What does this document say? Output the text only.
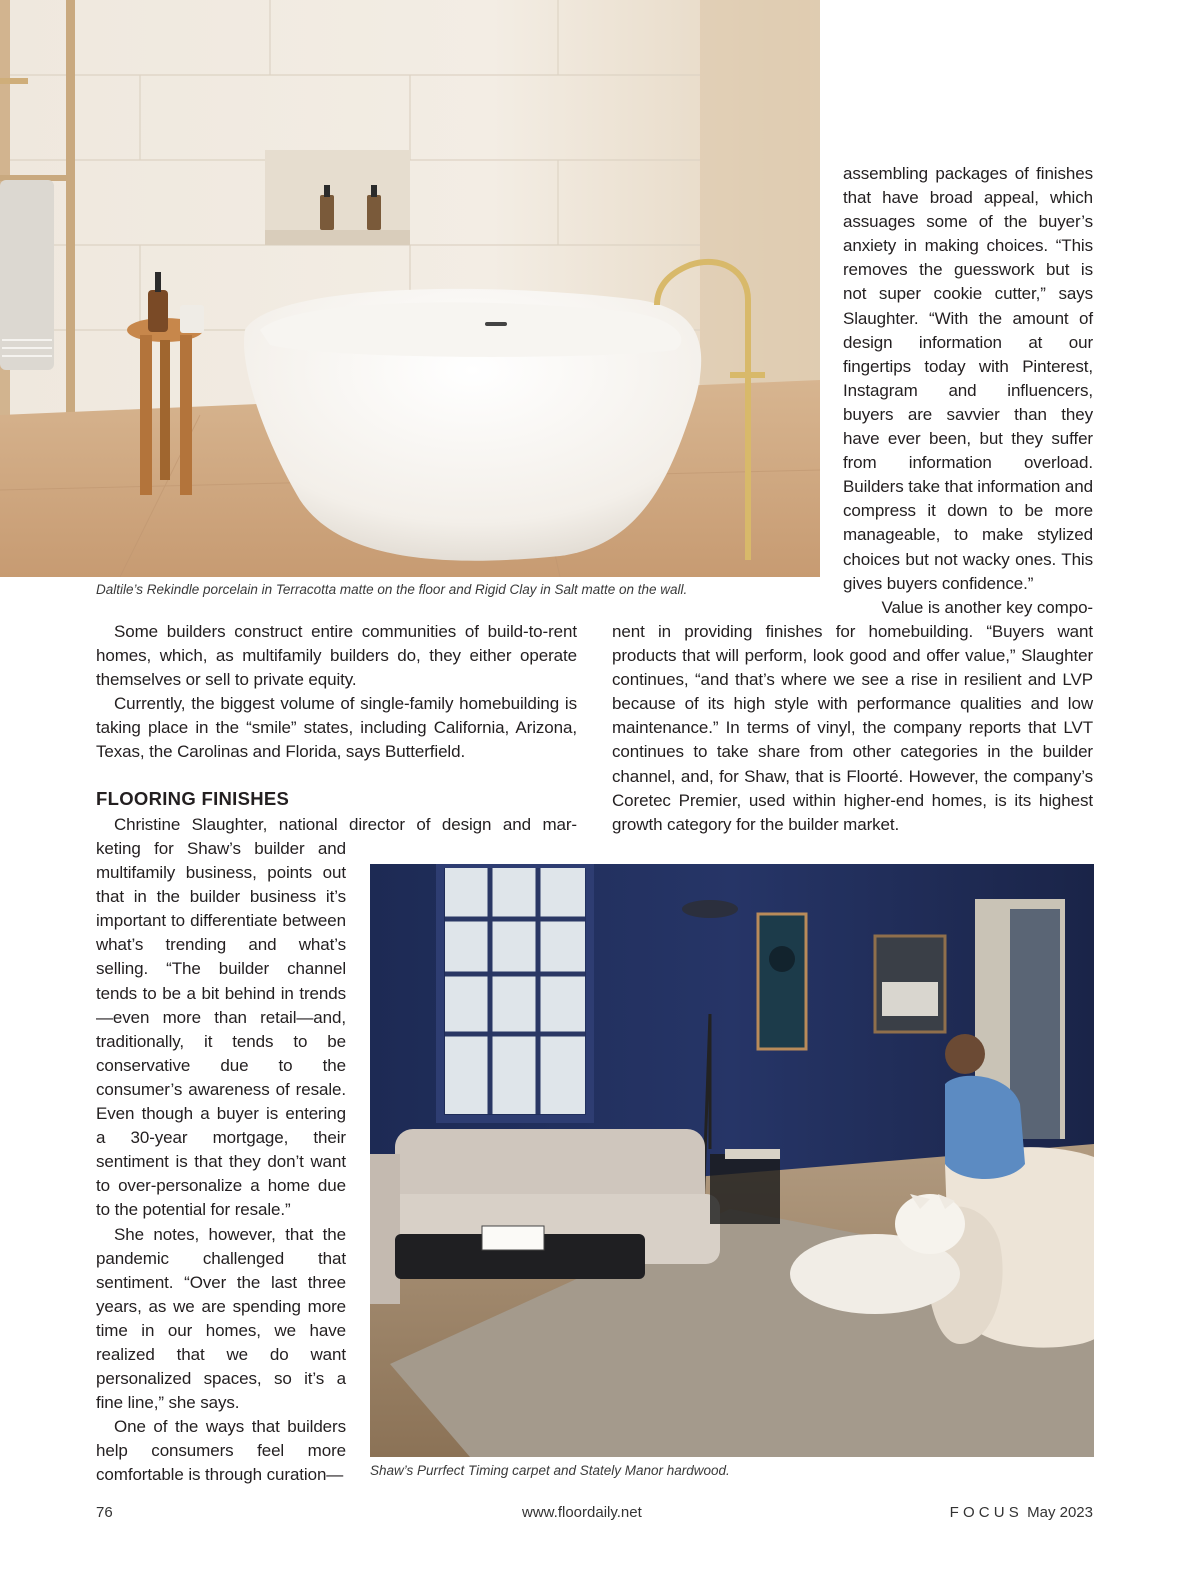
Daltile’s Rekindle porcelain in Terracotta matte on the floor and Rigid Clay in Salt matte on the wall.

assembling packages of finishes that have broad appeal, which assuages some of the buyer’s anxiety in making choices. “This removes the guesswork but is not super cookie cutter,” says Slaughter. “With the amount of design information at our fingertips today with Pinterest, Instagram and influencers, buyers are savvier than they have ever been, but they suffer from information overload. Builders take that information and compress it down to be more manageable, to make stylized choices but not wacky ones. This gives buyers confidence.”

Value is another key compo-

nent in providing finishes for homebuilding. “Buyers want products that will perform, look good and offer value,” Slaughter continues, “and that’s where we see a rise in resilient and LVP because of its high style with performance qualities and low maintenance.” In terms of vinyl, the company reports that LVT continues to take share from other categories in the builder channel, and, for Shaw, that is Floorté. However, the company’s Coretec Premier, used within higher-end homes, is its highest growth category for the builder market.

Some builders construct entire communities of build-to-rent homes, which, as multifamily builders do, they either operate themselves or sell to private equity.

Currently, the biggest volume of single-family homebuilding is taking place in the “smile” states, including California, Arizona, Texas, the Carolinas and Florida, says Butterfield.

FLOORING FINISHES

Christine Slaughter, national director of design and mar-

keting for Shaw’s builder and multifamily business, points out that in the builder business it’s important to differentiate between what’s trending and what’s selling. “The builder channel tends to be a bit behind in trends—even more than retail—and, traditionally, it tends to be conservative due to the consumer’s awareness of resale. Even though a buyer is entering a 30-year mortgage, their sentiment is that they don’t want to over-personalize a home due to the potential for resale.”

She notes, however, that the pandemic challenged that sentiment. “Over the last three years, as we are spending more time in our homes, we have realized that we do want personalized spaces, so it’s a fine line,” she says.

One of the ways that builders help consumers feel more comfortable is through curation— Shaw’s Purrfect Timing carpet and Stately Manor hardwood.
76	www.floordaily.net	F O C U S  May 2023
